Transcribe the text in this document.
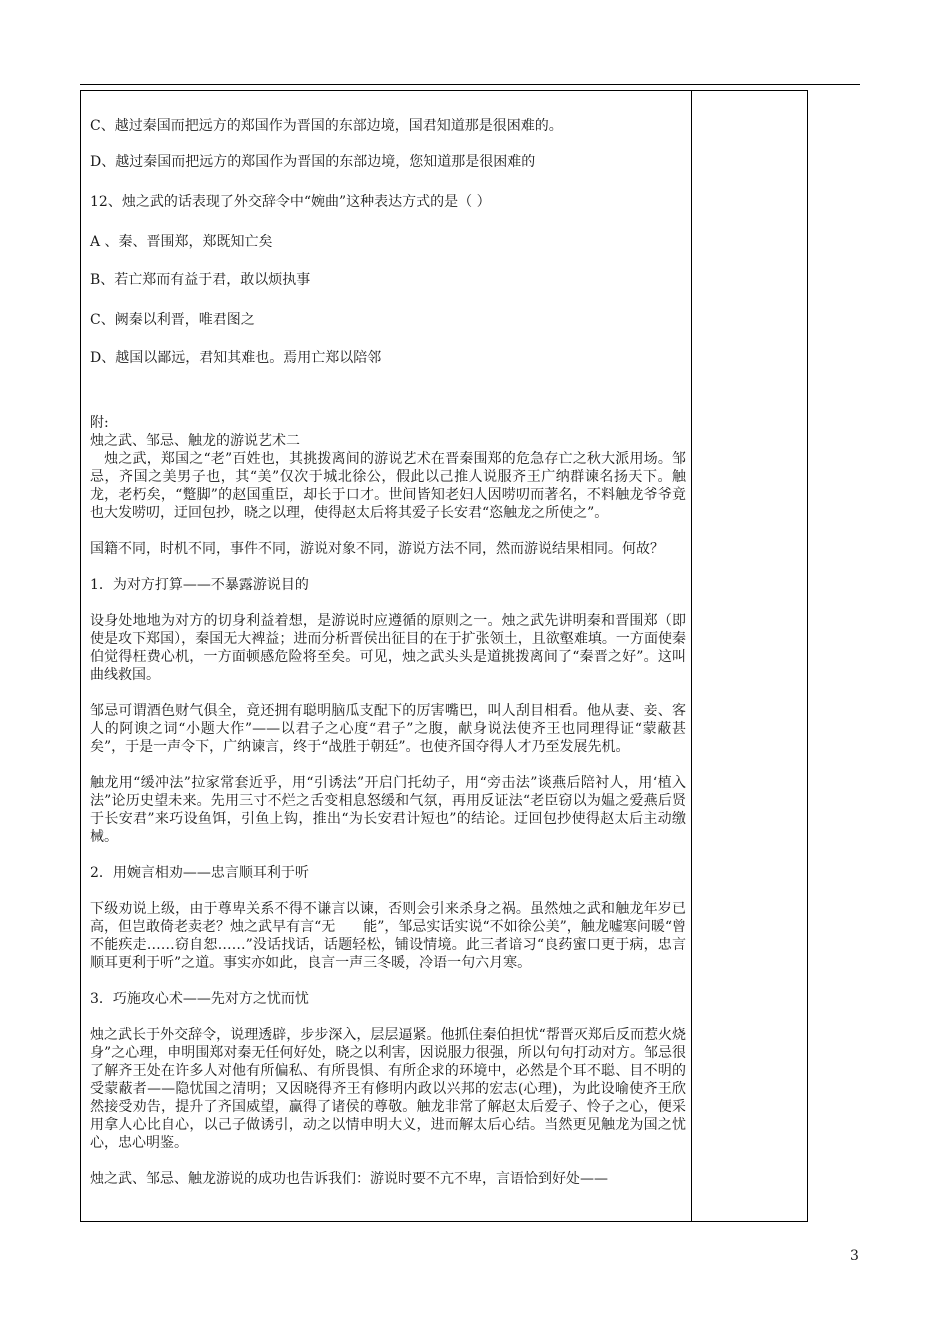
C、越过秦国而把远方的郑国作为晋国的东部边境，国君知道那是很困难的。

D、越过秦国而把远方的郑国作为晋国的东部边境，您知道那是很困难的

12、烛之武的话表现了外交辞令中“婉曲”这种表达方式的是（ ）

A 、秦、晋围郑，郑既知亡矣

B、若亡郑而有益于君，敢以烦执事

C、阙秦以利晋，唯君图之

D、越国以鄙远，君知其难也。焉用亡郑以陪邻

附:

烛之武、邹忌、触龙的游说艺术二

　烛之武，郑国之“老”百姓也，其挑拨离间的游说艺术在晋秦围郑的危急存亡之秋大派用场。邹忌，齐国之美男子也，其“美”仅次于城北徐公，假此以己推人说服齐王广纳群谏名扬天下。触龙，老朽矣，“蹩脚”的赵国重臣，却长于口才。世间皆知老妇人因唠叨而著名，不料触龙爷爷竟也大发唠叨，迂回包抄，晓之以理，使得赵太后将其爱子长安君“恣触龙之所使之”。

国籍不同，时机不同，事件不同，游说对象不同，游说方法不同，然而游说结果相同。何故？

1．为对方打算——不暴露游说目的

设身处地地为对方的切身利益着想，是游说时应遵循的原则之一。烛之武先讲明秦和晋围郑（即使是攻下郑国），秦国无大裨益；进而分析晋侯出征目的在于扩张领土，且欲壑难填。一方面使秦伯觉得枉费心机，一方面顿感危险将至矣。可见，烛之武头头是道挑拨离间了“秦晋之好”。这叫曲线救国。

邹忌可谓酒色财气俱全，竟还拥有聪明脑瓜支配下的厉害嘴巴，叫人刮目相看。他从妻、妾、客人的阿谀之词“小题大作”——以君子之心度“君子”之腹，献身说法使齐王也同理得证“蒙蔽甚矣”，于是一声令下，广纳谏言，终于“战胜于朝廷”。也使齐国夺得人才乃至发展先机。

触龙用“缓冲法”拉家常套近乎，用“引诱法”开启门托幼子，用“旁击法”谈燕后陪衬人，用‘植入法”论历史望未来。先用三寸不烂之舌变相息怒缓和气氛，再用反证法“老臣窃以为媪之爱燕后贤于长安君”来巧设鱼饵，引鱼上钩，推出“为长安君计短也”的结论。迂回包抄使得赵太后主动缴械。

2．用婉言相劝——忠言顺耳利于听

下级劝说上级，由于尊卑关系不得不谦言以谏，否则会引来杀身之祸。虽然烛之武和触龙年岁已高，但岂敢倚老卖老？烛之武早有言“无　　能”，邹忌实话实说“不如徐公美”，触龙嘘寒问暖“曾不能疾走……窃自恕……”没话找话，话题轻松，铺设情境。此三者谙习“良药蜜口更于病，忠言顺耳更利于听”之道。事实亦如此，良言一声三冬暖，冷语一句六月寒。

3．巧施攻心术——先对方之忧而忧

烛之武长于外交辞令，说理透辟，步步深入，层层逼紧。他抓住秦伯担忧“帮晋灭郑后反而惹火烧身”之心理，申明围郑对秦无任何好处，晓之以利害，因说服力很强，所以句句打动对方。邹忌很了解齐王处在许多人对他有所偏私、有所畏惧、有所企求的环境中，必然是个耳不聪、目不明的受蒙蔽者——隐忧国之清明；又因晓得齐王有修明内政以兴邦的宏志(心理)，为此设喻使齐王欣然接受劝告，提升了齐国威望，赢得了诸侯的尊敬。触龙非常了解赵太后爱子、怜子之心，便采用拿人心比自心，以己子做诱引，动之以情申明大义，进而解太后心结。当然更见触龙为国之忧心，忠心明鉴。

烛之武、邹忌、触龙游说的成功也告诉我们：游说时要不亢不卑，言语恰到好处——

3
